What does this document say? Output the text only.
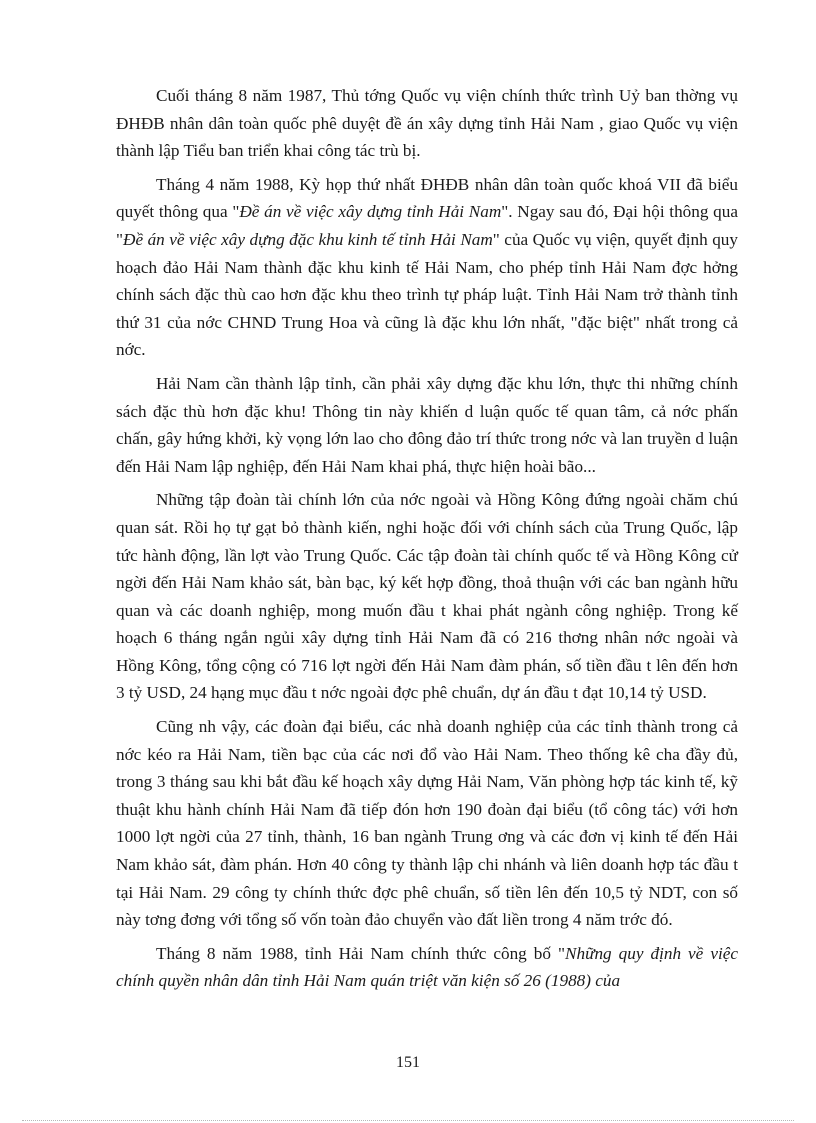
Cuối tháng 8 năm 1987, Thủ tớng Quốc vụ viện chính thức trình Uỷ ban thờng vụ ĐHĐB nhân dân toàn quốc phê duyệt đề án xây dựng tỉnh Hải Nam , giao Quốc vụ viện thành lập Tiểu ban triển khai công tác trù bị.

Tháng 4 năm 1988, Kỳ họp thứ nhất ĐHĐB nhân dân toàn quốc khoá VII đã biểu quyết thông qua "Đề án về việc xây dựng tỉnh Hải Nam". Ngay sau đó, Đại hội thông qua "Đề án về việc xây dựng đặc khu kinh tế tỉnh Hải Nam" của Quốc vụ viện, quyết định quy hoạch đảo Hải Nam thành đặc khu kinh tế Hải Nam, cho phép tỉnh Hải Nam đợc hởng chính sách đặc thù cao hơn đặc khu theo trình tự pháp luật. Tỉnh Hải Nam trở thành tỉnh thứ 31 của nớc CHND Trung Hoa và cũng là đặc khu lớn nhất, "đặc biệt" nhất trong cả nớc.

Hải Nam cần thành lập tỉnh, cần phải xây dựng đặc khu lớn, thực thi những chính sách đặc thù hơn đặc khu! Thông tin này khiến d luận quốc tế quan tâm, cả nớc phấn chấn, gây hứng khởi, kỳ vọng lớn lao cho đông đảo trí thức trong nớc và lan truyền d luận đến Hải Nam lập nghiệp, đến Hải Nam khai phá, thực hiện hoài bão...

Những tập đoàn tài chính lớn của nớc ngoài và Hồng Kông đứng ngoài chăm chú quan sát. Rồi họ tự gạt bỏ thành kiến, nghi hoặc đối với chính sách của Trung Quốc, lập tức hành động, lần lợt vào Trung Quốc. Các tập đoàn tài chính quốc tế và Hồng Kông cử ngời đến Hải Nam khảo sát, bàn bạc, ký kết hợp đồng, thoả thuận với các ban ngành hữu quan và các doanh nghiệp, mong muốn đầu t khai phát ngành công nghiệp. Trong kế hoạch 6 tháng ngắn ngủi xây dựng tỉnh Hải Nam đã có 216 thơng nhân nớc ngoài và Hồng Kông, tổng cộng có 716 lợt ngời đến Hải Nam đàm phán, số tiền đầu t lên đến hơn 3 tỷ USD, 24 hạng mục đầu t nớc ngoài đợc phê chuẩn, dự án đầu t đạt 10,14 tỷ USD.

Cũng nh vậy, các đoàn đại biểu, các nhà doanh nghiệp của các tỉnh thành trong cả nớc kéo ra Hải Nam, tiền bạc của các nơi đổ vào Hải Nam. Theo thống kê cha đầy đủ, trong 3 tháng sau khi bắt đầu kế hoạch xây dựng Hải Nam, Văn phòng hợp tác kinh tế, kỹ thuật khu hành chính Hải Nam đã tiếp đón hơn 190 đoàn đại biểu (tổ công tác) với hơn 1000 lợt ngời của 27 tỉnh, thành, 16 ban ngành Trung ơng và các đơn vị kinh tế đến Hải Nam khảo sát, đàm phán. Hơn 40 công ty thành lập chi nhánh và liên doanh hợp tác đầu t tại Hải Nam. 29 công ty chính thức đợc phê chuẩn, số tiền lên đến 10,5 tỷ NDT, con số này tơng đơng với tổng số vốn toàn đảo chuyển vào đất liền trong 4 năm trớc đó.

Tháng 8 năm 1988, tỉnh Hải Nam chính thức công bố "Những quy định về việc chính quyền nhân dân tỉnh Hải Nam quán triệt văn kiện số 26 (1988) của

151
